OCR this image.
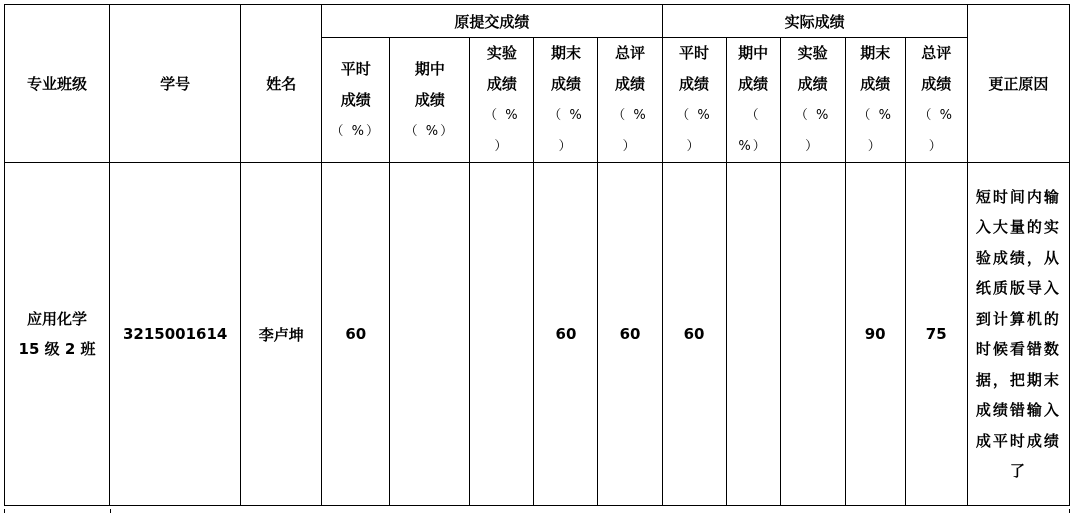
专业班级	学号	姓名	原提交成绩					实际成绩					更正原因

			平时
成绩
（ %）	期中
成绩
（ %）	实验
成绩
（ %
）	期末
成绩
（ %
）	总评
成绩
（ %
）	平时
成绩
（ %
）	期中
成绩
（
%）	实验
成绩
（ %
）	期末
成绩
（ %
）	总评
成绩
（ %
）	

应用化学
15 级 2 班	3215001614	李卢坤	60			60	60	60			90	75	短时间内输入大量的实验成绩，从纸质版导入到计算机的时候看错数据，把期末成绩错输入成平时成绩了
